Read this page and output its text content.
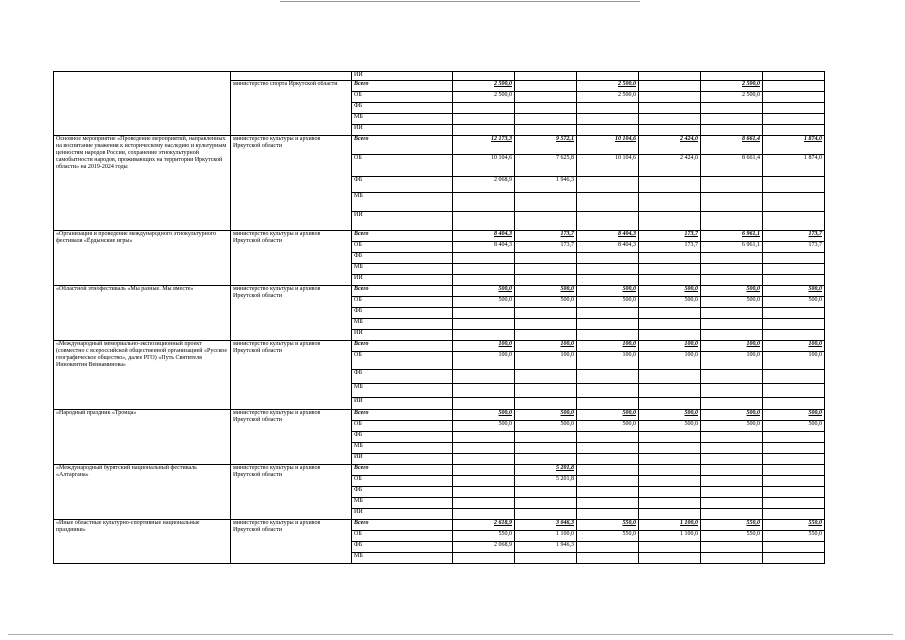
		ИИ						
	министерство спорта Иркутской области	Всего	2 500,0		2 500,0		2 500,0	
		ОБ	2 500,0		2 500,0		2 500,0	
		ФБ						
		МБ						
		ИИ						
Основное мероприятие «Проведение мероприятий, направленных на воспитание уважения к историческому наследию и культурным ценностям народов России, сохранение этнокультурной самобытности народов, проживающих на территории Иркутской области» на 2019-2024 годы	министерство культуры и архивов Иркутской области	Всего	12 173,3	9 572,1	10 104,6	2 424,0	8 661,4	1 874,0
		ОБ	10 104,6	7 625,8	10 104,6	2 424,0	8 661,4	1 874,0
		ФБ	2 068,9	1 946,3				
		МБ						
		ИИ						
«Организация и проведение международного этнокультурного фестиваля «Ёрдынские игры»	министерство культуры и архивов Иркутской области	Всего	8 404,3	173,7	8 404,3	173,7	6 961,1	173,7
		ОБ	8 404,3	173,7	8 404,3	173,7	6 961,1	173,7
		ФБ						
		МБ						
		ИИ						
«Областной этнофестиваль «Мы разные. Мы вместе»	министерство культуры и архивов Иркутской области	Всего	500,0	500,0	500,0	500,0	500,0	500,0
		ОБ	500,0	500,0	500,0	500,0	500,0	500,0
		ФБ						
		МБ						
		ИИ						
«Международный мемориально-экспозиционный проект (совместно с всероссийской общественной организацией «Русское географическое общество», далее РГО) «Путь Святителя Иннокентия Вениаминова»	министерство культуры и архивов Иркутской области	Всего	100,0	100,0	100,0	100,0	100,0	100,0
		ОБ	100,0	100,0	100,0	100,0	100,0	100,0
		ФБ						
		МБ						
		ИИ						
«Народный праздник «Троица»	министерство культуры и архивов Иркутской области	Всего	500,0	500,0	500,0	500,0	500,0	500,0
		ОБ	500,0	500,0	500,0	500,0	500,0	500,0
		ФБ						
		МБ						
		ИИ						
«Международный бурятский национальный фестиваль «Алтаргана»	министерство культуры и архивов Иркутской области	Всего		5 201,8				
		ОБ		5 201,8				
		ФБ						
		МБ						
		ИИ						
«Иные областные культурно-спортивные национальные праздники»	министерство культуры и архивов Иркутской области	Всего	2 618,9	3 046,3	550,0	1 100,0	550,0	550,0
		ОБ	550,0	1 100,0	550,0	1 100,0	550,0	550,0
		ФБ	2 068,9	1 946,3				
		МБ						
